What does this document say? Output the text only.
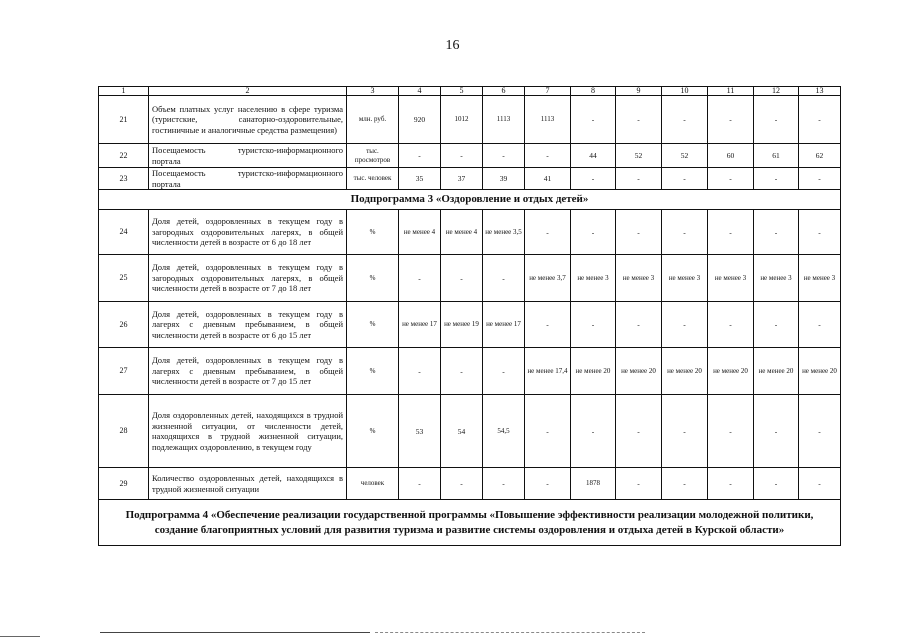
16
1	2	3	4	5	6	7	8	9	10	11	12	13
21	Объем платных услуг населению в сфере туризма (туристские, санаторно-оздоровительные, гостиничные и аналогичные средства размещения)	млн. руб.	920	1012	1113	1113	-	-	-	-	-	-
22	Посещаемость туристско-информационного портала	тыс. просмотров	-	-	-	-	44	52	52	60	61	62
23	Посещаемость туристско-информационного портала	тыс. человек	35	37	39	41	-	-	-	-	-	-
Подпрограмма 3 «Оздоровление и отдых детей»												
24	Доля детей, оздоровленных в текущем году в загородных оздоровительных лагерях, в общей численности детей в возрасте от 6 до 18 лет	%	не менее 4	не менее 4	не менее 3,5	-	-	-	-	-	-	-
25	Доля детей, оздоровленных в текущем году в загородных оздоровительных лагерях, в общей численности детей в возрасте от 7 до 18 лет	%	-	-	-	не менее 3,7	не менее 3	не менее 3	не менее 3	не менее 3	не менее 3	не менее 3
26	Доля детей, оздоровленных в текущем году в лагерях с дневным пребыванием, в общей численности детей в возрасте от 6 до 15 лет	%	не менее 17	не менее 19	не менее 17	-	-	-	-	-	-	-
27	Доля детей, оздоровленных в текущем году в лагерях с дневным пребыванием, в общей численности детей в возрасте от 7 до 15 лет	%	-	-	-	не менее 17,4	не менее 20	не менее 20	не менее 20	не менее 20	не менее 20	не менее 20
28	Доля оздоровленных детей, находящихся в трудной жизненной ситуации, от численности детей, находящихся в трудной жизненной ситуации, подлежащих оздоровлению, в текущем году	%	53	54	54,5	-	-	-	-	-	-	-
29	Количество оздоровленных детей, находящихся в трудной жизненной ситуации	человек	-	-	-	-	1878	-	-	-	-	-
Подпрограмма 4 «Обеспечение реализации государственной программы «Повышение эффективности реализации молодежной политики, создание благоприятных условий для развития туризма и развитие системы оздоровления и отдыха детей в Курской области»												
